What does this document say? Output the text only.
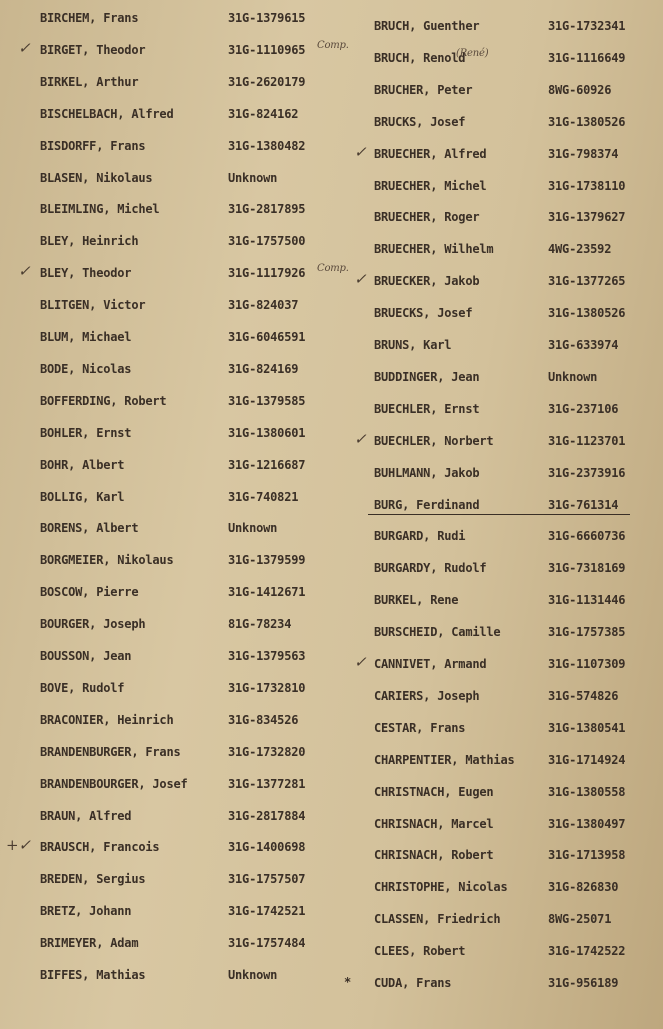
BIRCHEM, Frans	31G-1379615
BIRGET, Theodor	31G-1110965
✓	Comp.
BIRKEL, Arthur	31G-2620179
BISCHELBACH, Alfred	31G-824162
BISDORFF, Frans	31G-1380482
BLASEN, Nikolaus	Unknown
BLEIMLING, Michel	31G-2817895
BLEY, Heinrich	31G-1757500
BLEY, Theodor	31G-1117926
✓	Comp.
BLITGEN, Victor	31G-824037
BLUM, Michael	31G-6046591
BODE, Nicolas	31G-824169
BOFFERDING, Robert	31G-1379585
BOHLER, Ernst	31G-1380601
BOHR, Albert	31G-1216687
BOLLIG, Karl	31G-740821
BORENS, Albert	Unknown
BORGMEIER, Nikolaus	31G-1379599
BOSCOW, Pierre	31G-1412671
BOURGER, Joseph	81G-78234
BOUSSON, Jean	31G-1379563
BOVE, Rudolf	31G-1732810
BRACONIER, Heinrich	31G-834526
BRANDENBURGER, Frans	31G-1732820
BRANDENBOURGER, Josef	31G-1377281
BRAUN, Alfred	31G-2817884
BRAUSCH, Francois	31G-1400698
+✓
BREDEN, Sergius	31G-1757507
BRETZ, Johann	31G-1742521
BRIMEYER, Adam	31G-1757484
BIFFES, Mathias	Unknown
BRUCH, Guenther	31G-1732341
BRUCH, Renold	31G-1116649
(René)
BRUCHER, Peter	8WG-60926
BRUCKS, Josef	31G-1380526
BRUECHER, Alfred	31G-798374
✓
BRUECHER, Michel	31G-1738110
BRUECHER, Roger	31G-1379627
BRUECHER, Wilhelm	4WG-23592
BRUECKER, Jakob	31G-1377265
✓
BRUECKS, Josef	31G-1380526
BRUNS, Karl	31G-633974
BUDDINGER, Jean	Unknown
BUECHLER, Ernst	31G-237106
BUECHLER, Norbert	31G-1123701
✓
BUHLMANN, Jakob	31G-2373916
BURG, Ferdinand	31G-761314
BURGARD, Rudi	31G-6660736
BURGARDY, Rudolf	31G-7318169
BURKEL, Rene	31G-1131446
BURSCHEID, Camille	31G-1757385
CANNIVET, Armand	31G-1107309
✓
CARIERS, Joseph	31G-574826
CESTAR, Frans	31G-1380541
CHARPENTIER, Mathias	31G-1714924
CHRISTNACH, Eugen	31G-1380558
CHRISNACH, Marcel	31G-1380497
CHRISNACH, Robert	31G-1713958
CHRISTOPHE, Nicolas	31G-826830
CLASSEN, Friedrich	8WG-25071
CLEES, Robert	31G-1742522
CUDA, Frans	31G-956189
*
